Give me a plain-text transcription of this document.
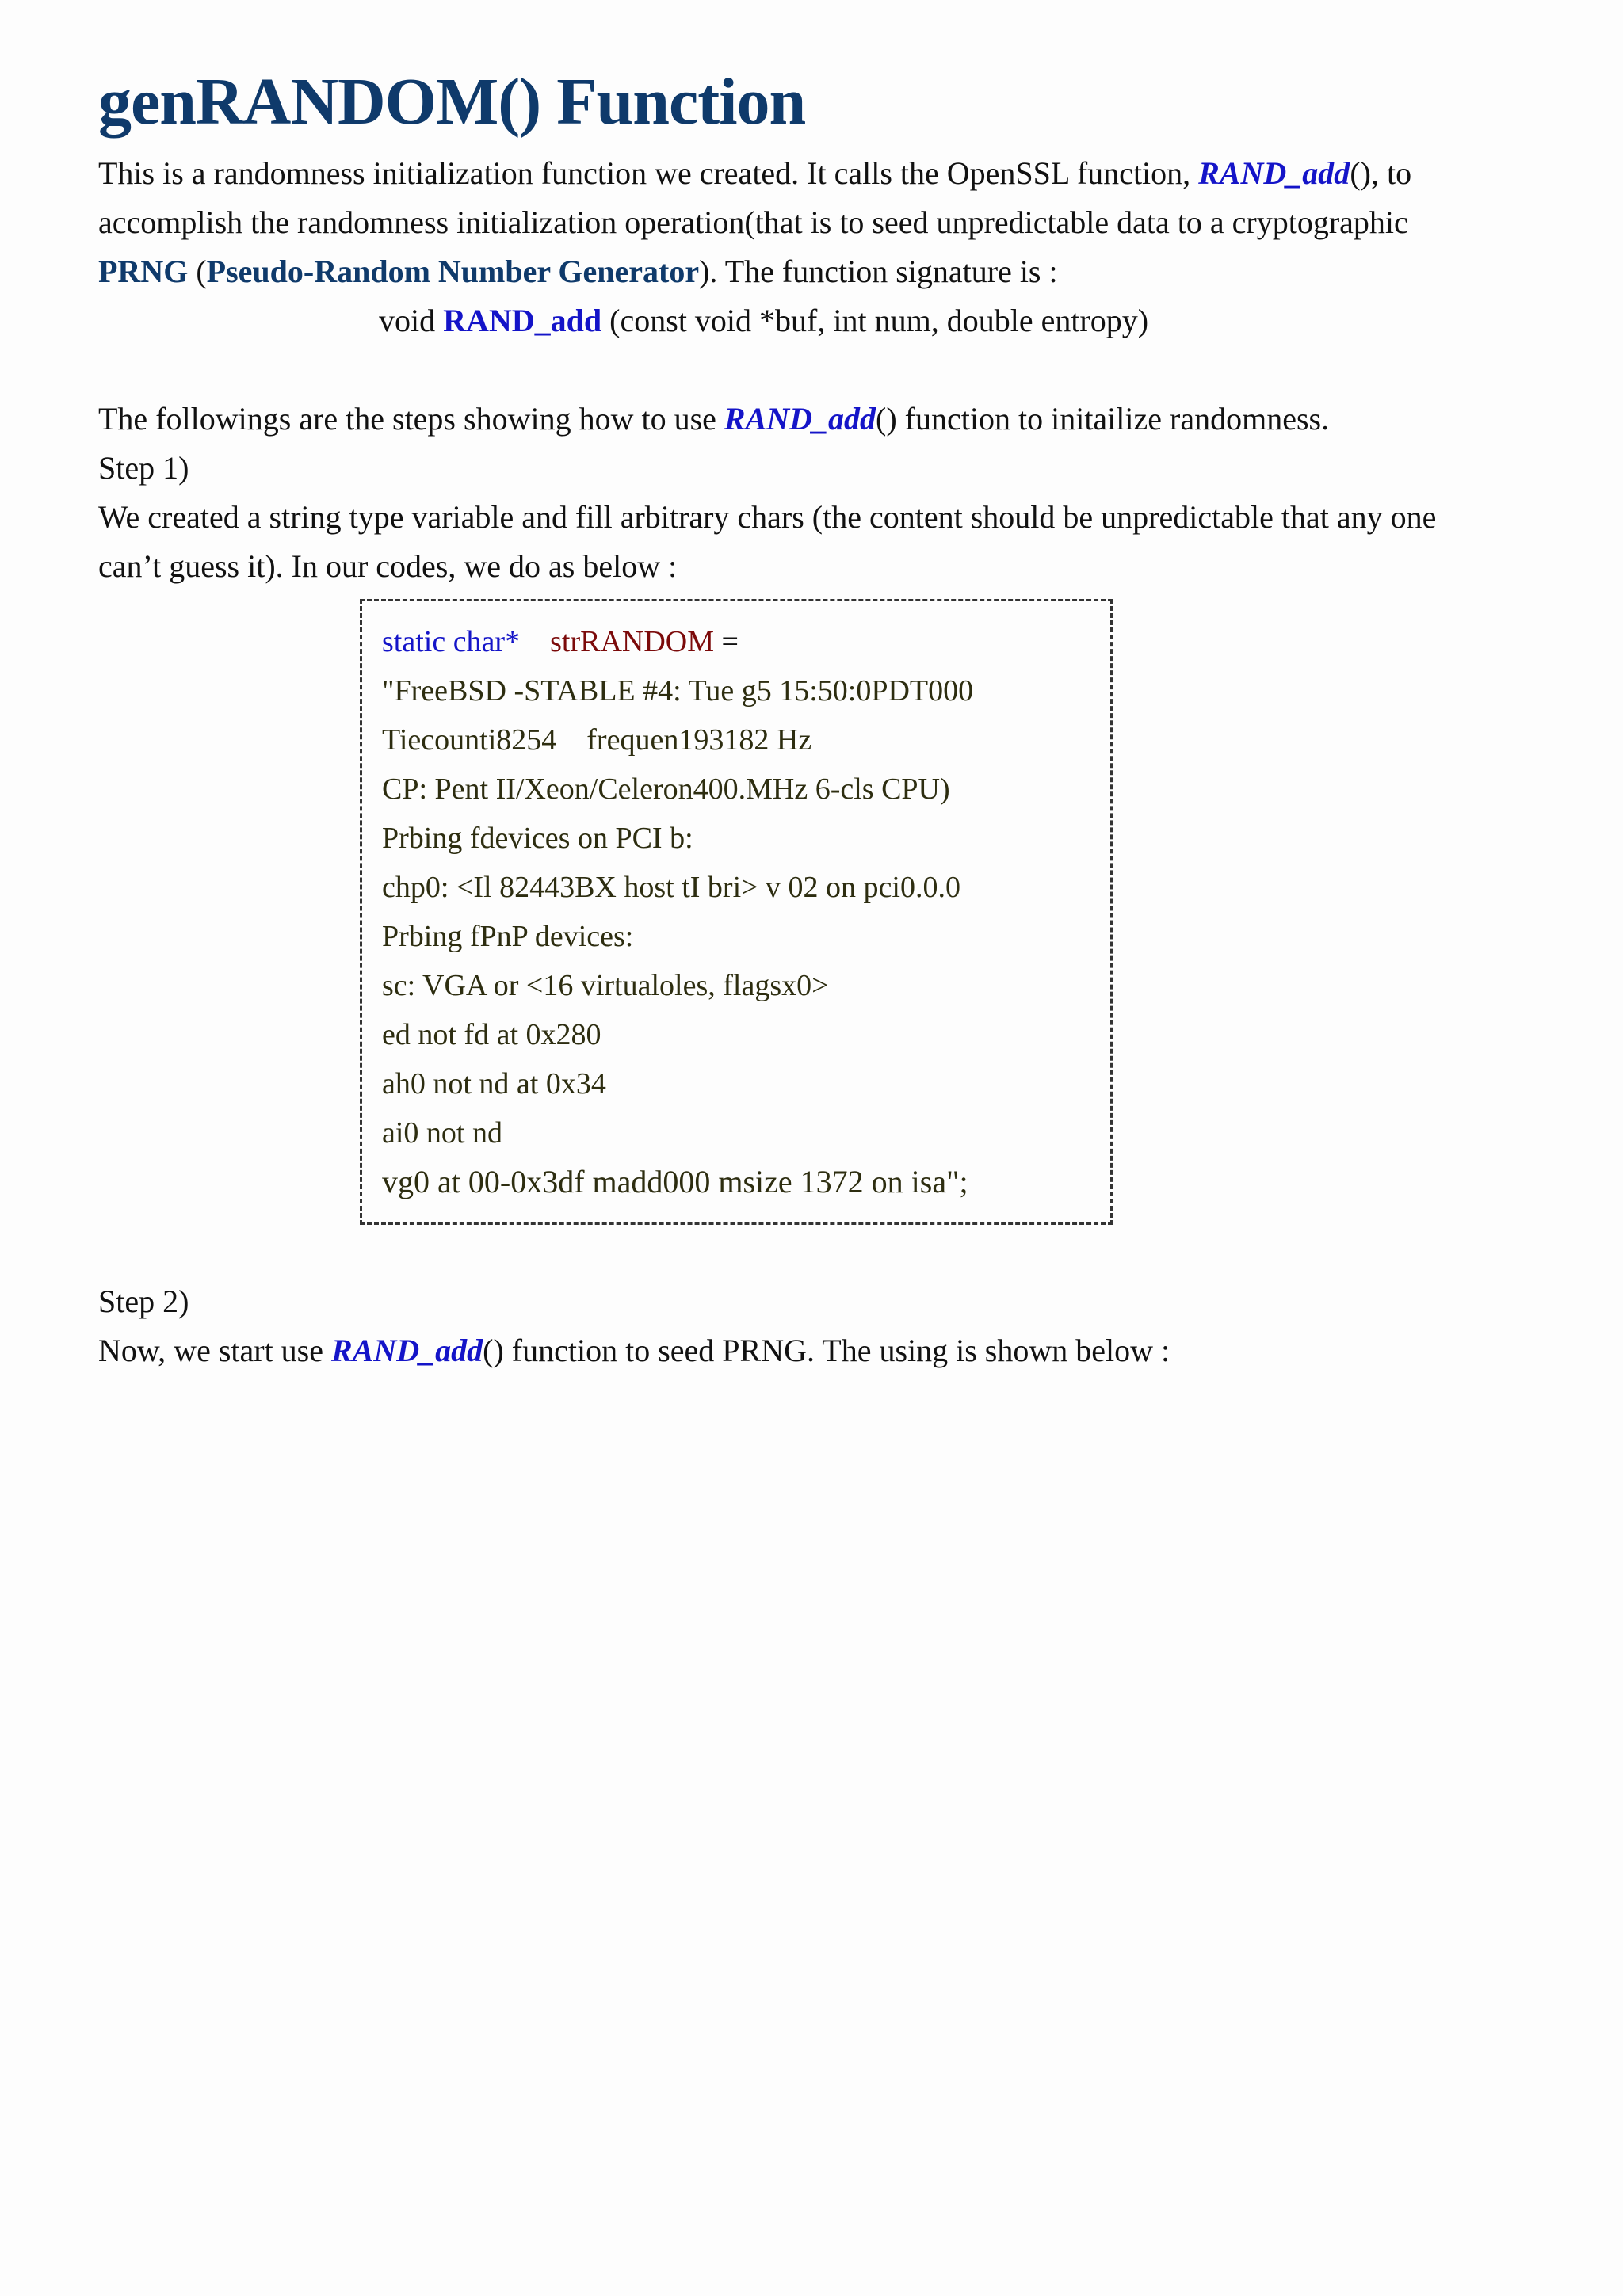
genRANDOM() Function

This is a randomness initialization function we created. It calls the OpenSSL function, RAND_add(), to
accomplish the randomness initialization operation(that is to seed unpredictable data to a cryptographic
PRNG (Pseudo-Random Number Generator). The function signature is :

void RAND_add (const void *buf, int num, double entropy)

The followings are the steps showing how to use RAND_add() function to initailize randomness.

Step 1)

We created a string type variable and fill arbitrary chars (the content should be unpredictable that any one
can’t guess it). In our codes, we do as below :

static char* strRANDOM =
"FreeBSD -STABLE #4: Tue g5 15:50:0PDT000
Tiecounti8254    frequen193182 Hz
CP: Pent II/Xeon/Celeron400.MHz 6-cls CPU)
Prbing fdevices on PCI b:
chp0: <Il 82443BX host tI bri> v 02 on pci0.0.0
Prbing fPnP devices:
sc: VGA or <16 virtualoles, flagsx0>
ed not fd at 0x280
ah0 not nd at 0x34
ai0 not nd
vg0 at 00-0x3df madd000 msize 1372 on isa";

Step 2)

Now, we start use RAND_add() function to seed PRNG. The using is shown below :
